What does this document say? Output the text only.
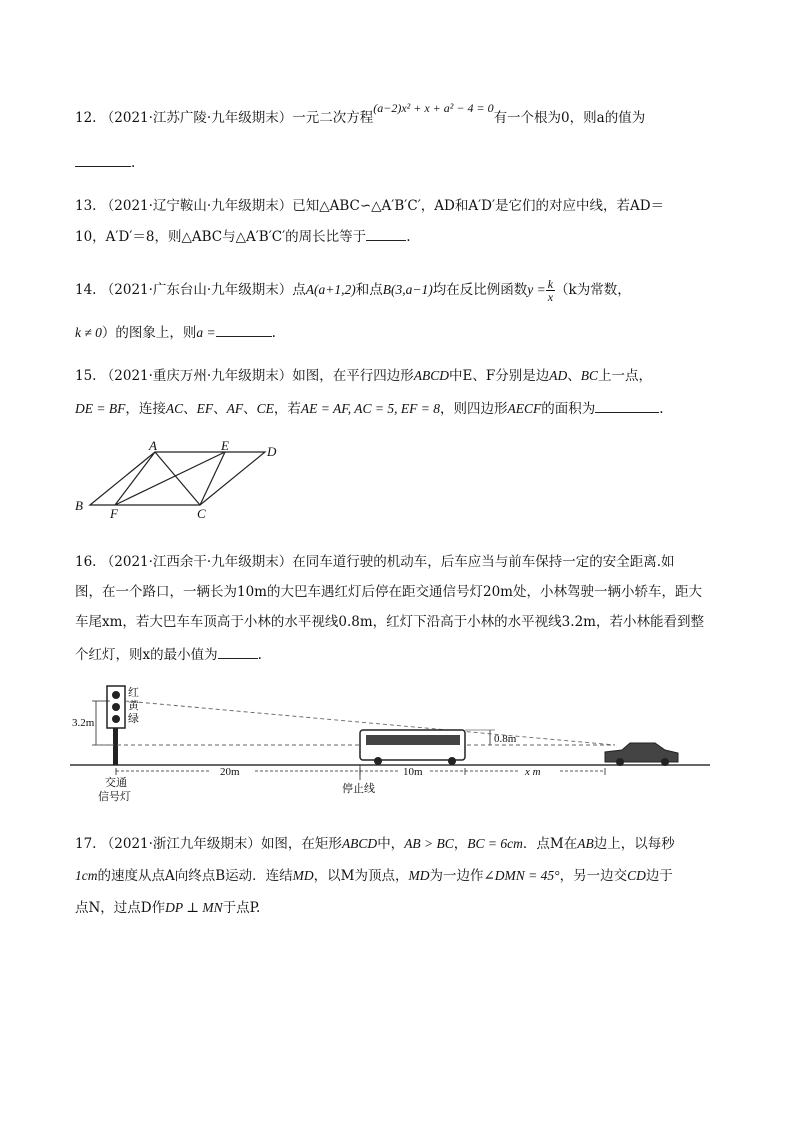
12. （2021·江苏广陵·九年级期末）一元二次方程(a−2)x² + x + a² − 4 = 0有一个根为0，则a的值为
.
13. （2021·辽宁鞍山·九年级期末）已知△ABC∽△A′B′C′，AD和A′D′是它们的对应中线，若AD＝
10，A′D′＝8，则△ABC与△A′B′C′的周长比等于	.
14. （2021·广东台山·九年级期末）点A(a+1,2)和点B(3,a−1)均在反比例函数$y = \frac{k}{x} (k$为常数，
k ≠ 0）的图象上，则a =	.
15. （2021·重庆万州·九年级期末）如图，在平行四边形ABCD中E、F分别是边AD、BC上一点，
DE = BF，连接AC、EF、AF、CE，若AE = AF, AC = 5, EF = 8，则四边形AECF的面积为	.
A	E	D
B
F	C
16. （2021·江西余干·九年级期末）在同车道行驶的机动车，后车应当与前车保持一定的安全距离.如
图，在一个路口，一辆长为10m的大巴车遇红灯后停在距交通信号灯20m处，小林驾驶一辆小轿车，距大
车尾xm，若大巴车车顶高于小林的水平视线0.8m，红灯下沿高于小林的水平视线3.2m，若小林能看到整
个红灯，则x的最小值为	.
红
黄
绿
3.2m
0.8m
20m	10m	x m
停止线
交通
信号灯
17. （2021·浙江九年级期末）如图，在矩形ABCD中，AB > BC，BC = 6cm．点M在AB边上，以每秒
1cm的速度从点A向终点B运动．连结MD，以M为顶点，MD为一边作∠DMN = 45°，另一边交CD边于
点N，过点D作DP ⊥ MN于点P.
